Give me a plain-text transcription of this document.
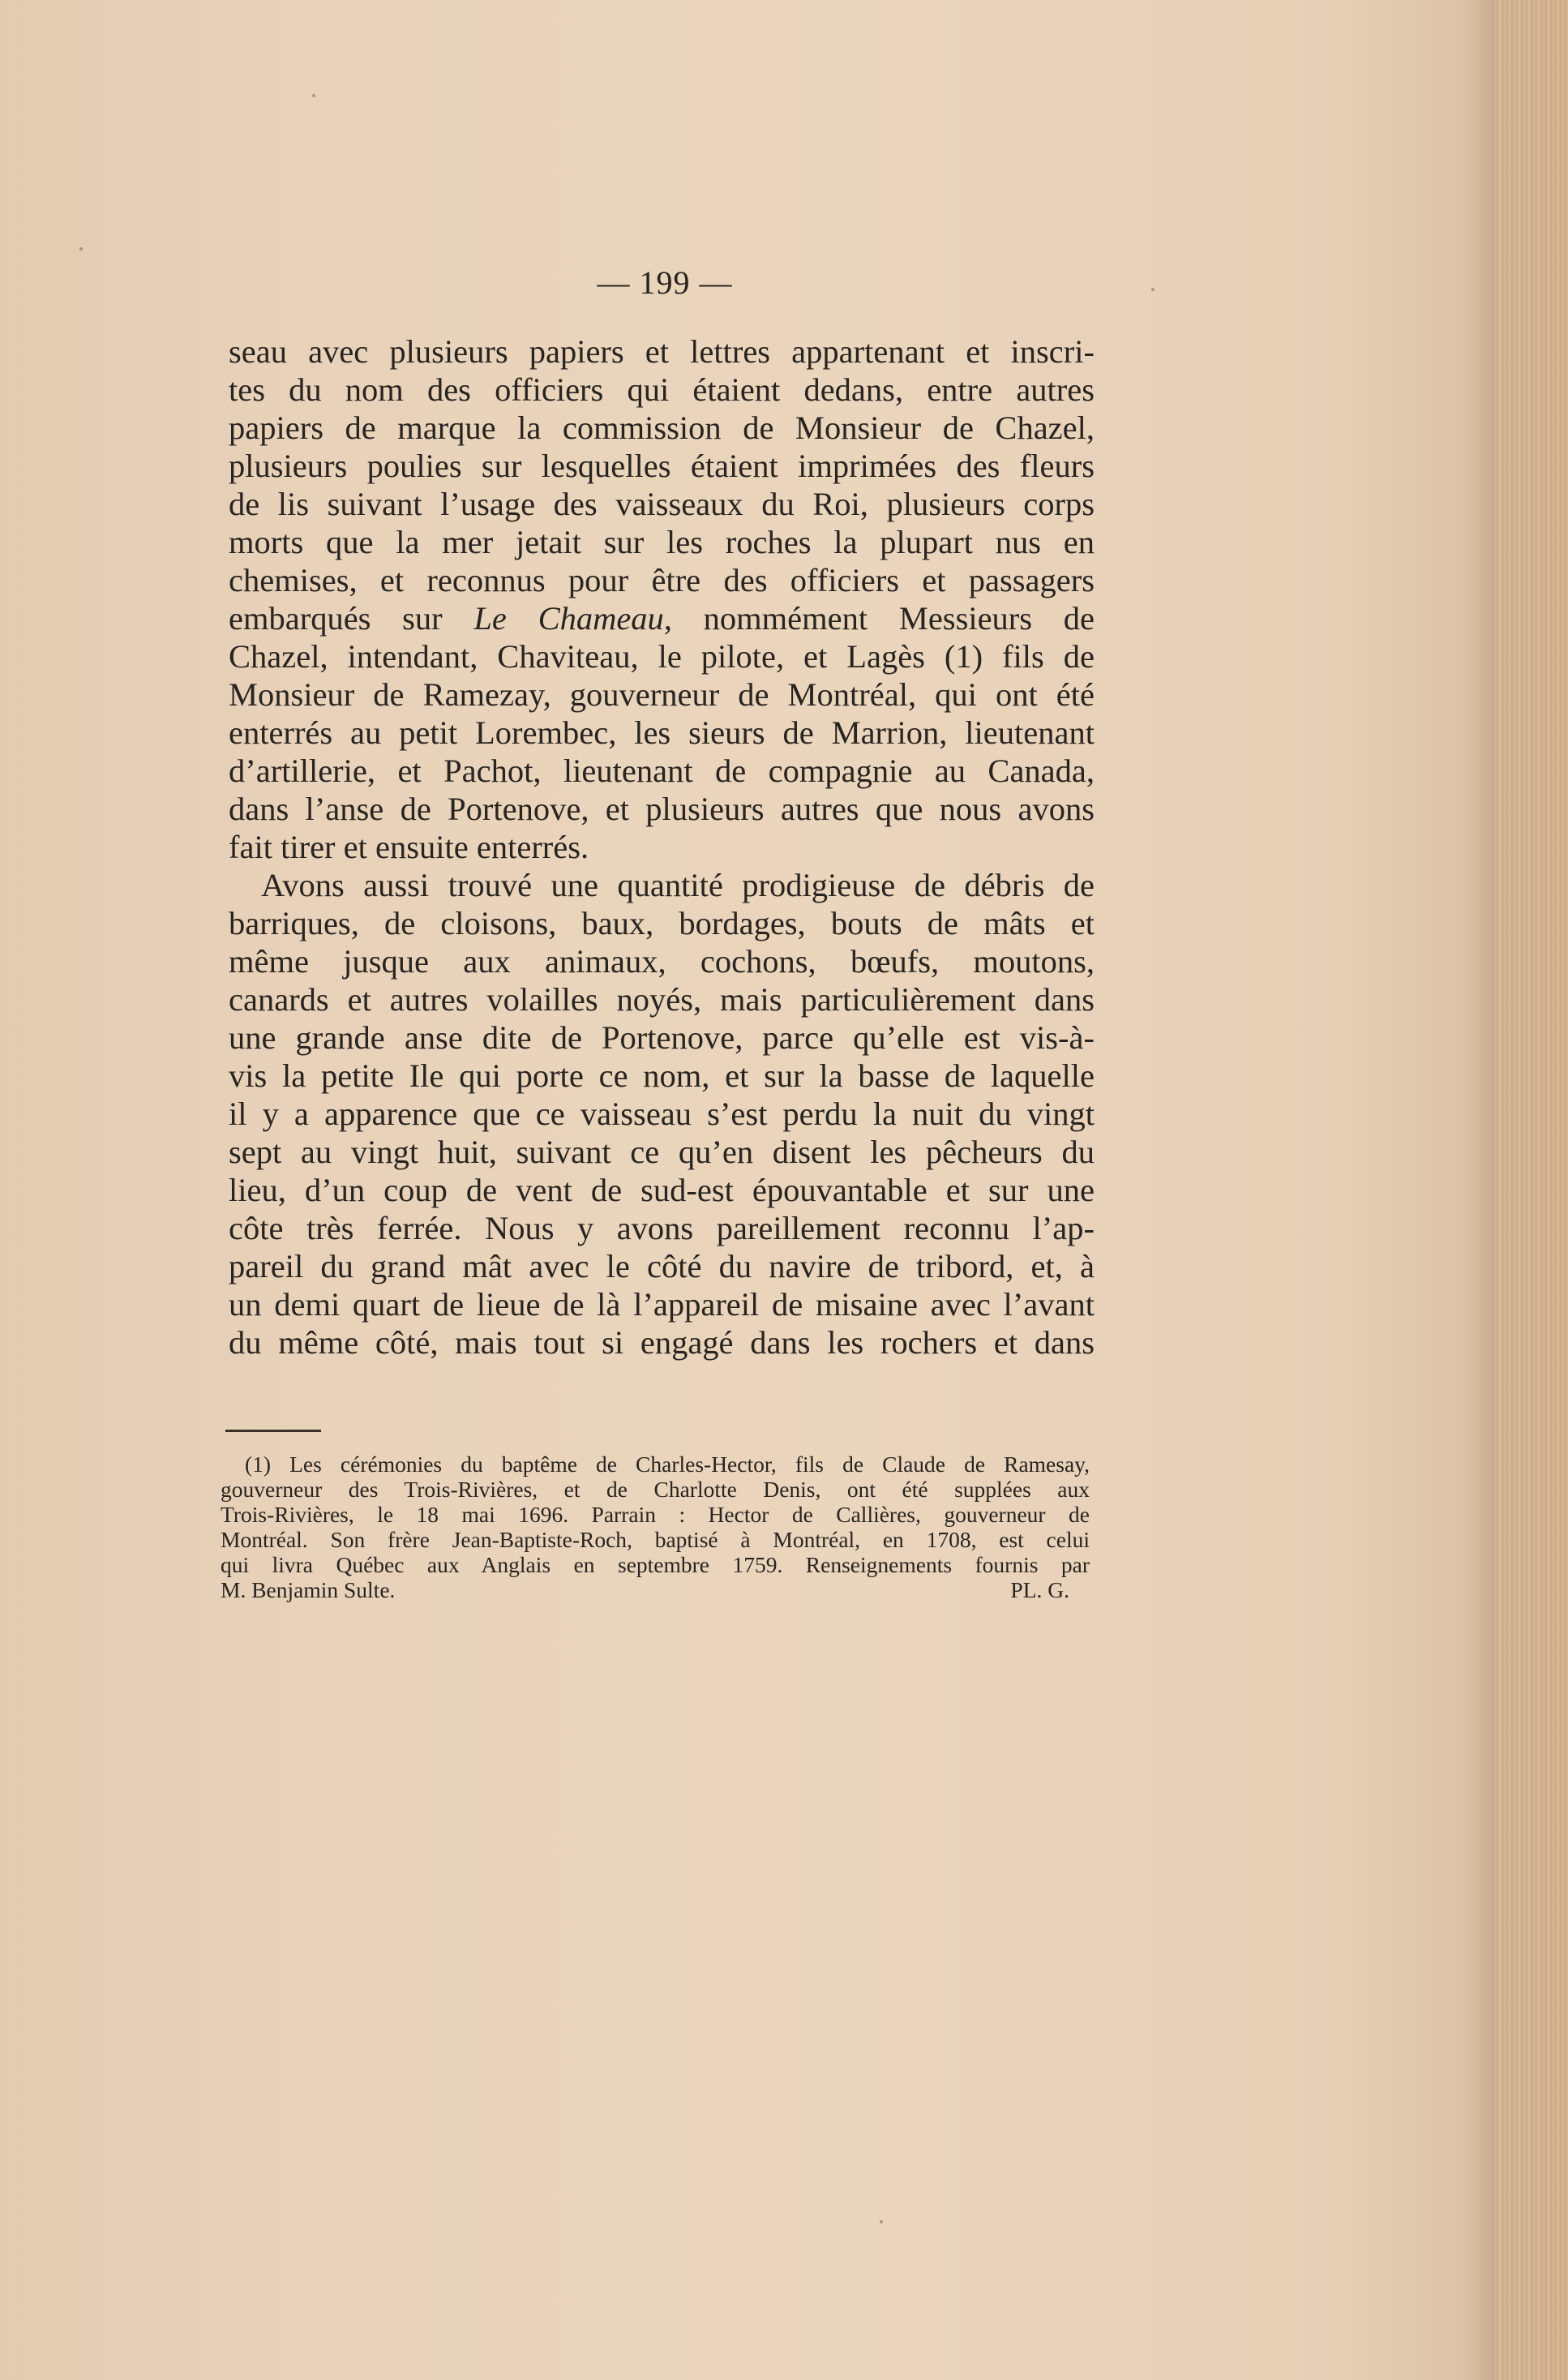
— 199 —
seau avec plusieurs papiers et lettres appartenant et inscri-
tes du nom des officiers qui étaient dedans, entre autres
papiers de marque la commission de Monsieur de Chazel,
plusieurs poulies sur lesquelles étaient imprimées des fleurs
de lis suivant l’usage des vaisseaux du Roi, plusieurs corps
morts que la mer jetait sur les roches la plupart nus en
chemises, et reconnus pour être des officiers et passagers
embarqués sur Le Chameau, nommément Messieurs de
Chazel, intendant, Chaviteau, le pilote, et Lagès (1) fils de
Monsieur de Ramezay, gouverneur de Montréal, qui ont été
enterrés au petit Lorembec, les sieurs de Marrion, lieutenant
d’artillerie, et Pachot, lieutenant de compagnie au Canada,
dans l’anse de Portenove, et plusieurs autres que nous avons
fait tirer et ensuite enterrés.
Avons aussi trouvé une quantité prodigieuse de débris de
barriques, de cloisons, baux, bordages, bouts de mâts et
même jusque aux animaux, cochons, bœufs, moutons,
canards et autres volailles noyés, mais particulièrement dans
une grande anse dite de Portenove, parce qu’elle est vis-à-
vis la petite Ile qui porte ce nom, et sur la basse de laquelle
il y a apparence que ce vaisseau s’est perdu la nuit du vingt
sept au vingt huit, suivant ce qu’en disent les pêcheurs du
lieu, d’un coup de vent de sud-est épouvantable et sur une
côte très ferrée. Nous y avons pareillement reconnu l’ap-
pareil du grand mât avec le côté du navire de tribord, et, à
un demi quart de lieue de là l’appareil de misaine avec l’avant
du même côté, mais tout si engagé dans les rochers et dans
(1) Les cérémonies du baptême de Charles-Hector, fils de Claude de Ramesay,
gouverneur des Trois-Rivières, et de Charlotte Denis, ont été supplées aux
Trois-Rivières, le 18 mai 1696. Parrain : Hector de Callières, gouverneur de
Montréal. Son frère Jean-Baptiste-Roch, baptisé à Montréal, en 1708, est celui
qui livra Québec aux Anglais en septembre 1759. Renseignements fournis par
M. Benjamin Sulte.	PL. G.
